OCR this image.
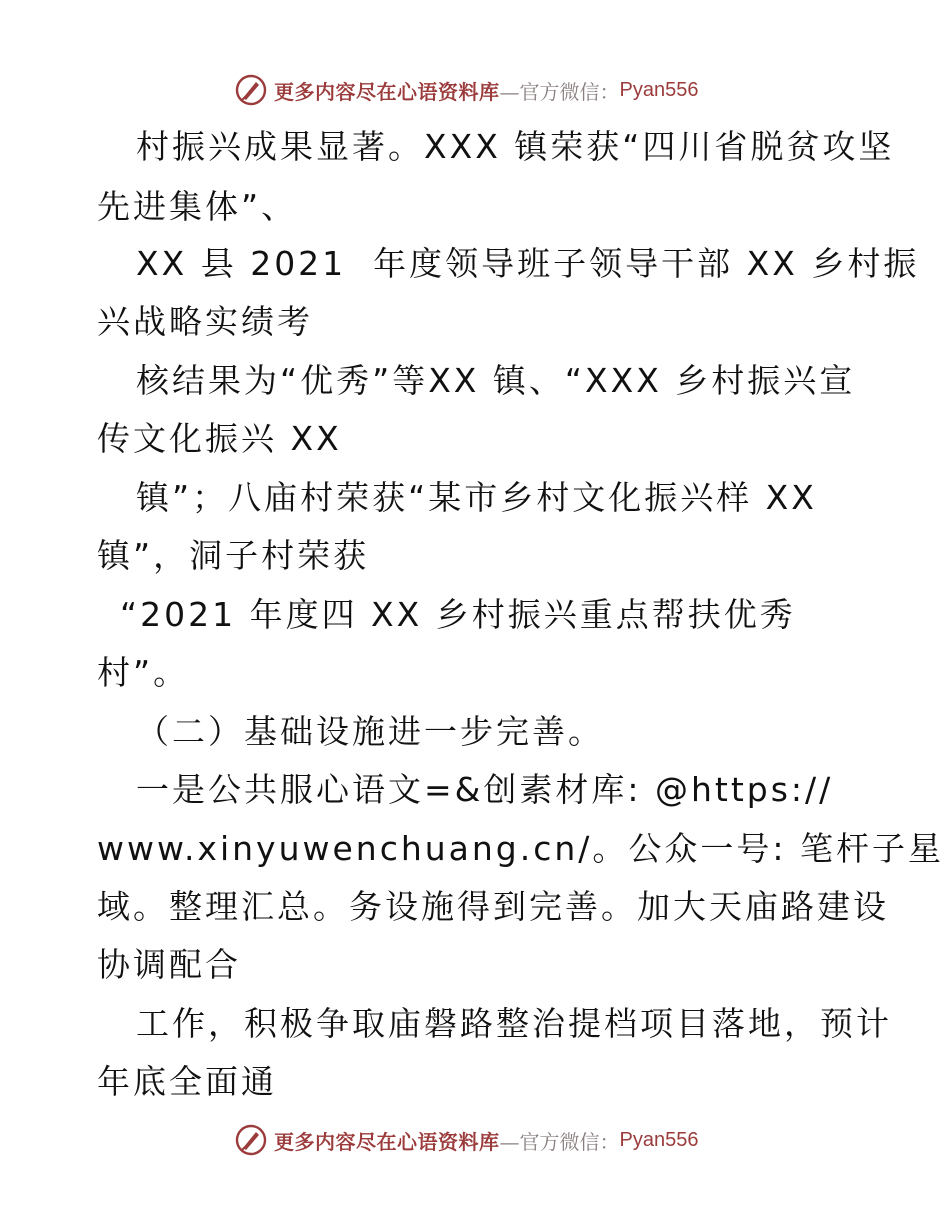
更多内容尽在心语资料库 —官方微信： Pyan556

村振兴成果显著。XXX 镇荣获“四川省脱贫攻坚

先进集体”、

XX 县 2021  年度领导班子领导干部 XX 乡村振

兴战略实绩考

核结果为“优秀”等XX 镇、“XXX 乡村振兴宣

传文化振兴 XX

镇”；八庙村荣获“某市乡村文化振兴样 XX

镇”，洞子村荣获

“2021 年度四 XX 乡村振兴重点帮扶优秀

村”。

（二）基础设施进一步完善。

一是公共服心语文=&创素材库: @https://

www.xinyuwenchuang.cn/。公众一号: 笔杆子星

域。整理汇总。务设施得到完善。加大天庙路建设

协调配合

工作，积极争取庙磐路整治提档项目落地，预计

年底全面通

更多内容尽在心语资料库 —官方微信： Pyan556
